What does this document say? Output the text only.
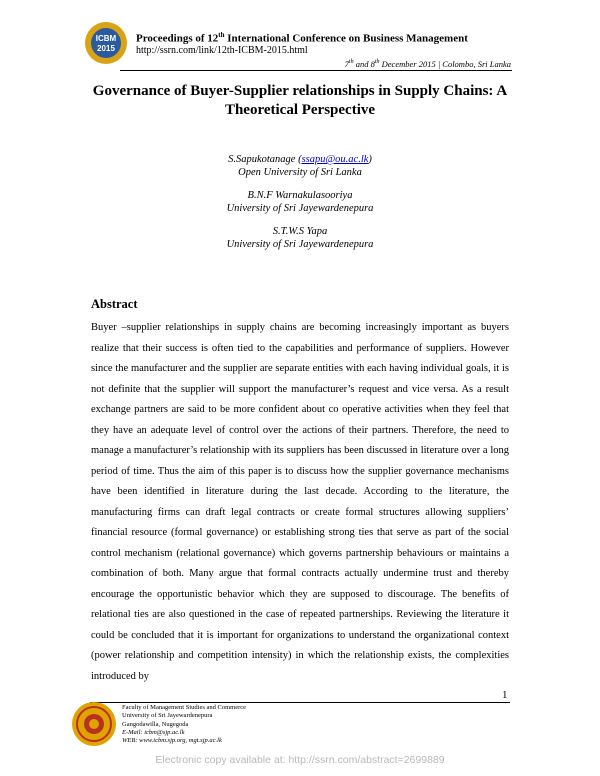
ICBM
2015
Proceedings of 12th International Conference on Business Management
http://ssrn.com/link/12th-ICBM-2015.html
7th and 8th December 2015 | Colombo, Sri Lanka
Governance of Buyer-Supplier relationships in Supply Chains: A Theoretical Perspective
S.Sapukotanage (ssapu@ou.ac.lk)
Open University of Sri Lanka
B.N.F Warnakulasooriya
University of Sri Jayewardenepura
S.T.W.S Yapa
University of Sri Jayewardenepura
Abstract

Buyer –supplier relationships in supply chains are becoming increasingly important as buyers realize that their success is often tied to the capabilities and performance of suppliers. However since the manufacturer and the supplier are separate entities with each having individual goals, it is not definite that the supplier will support the manufacturer’s request and vice versa. As a result exchange partners are said to be more confident about co operative activities when they feel that they have an adequate level of control over the actions of their partners. Therefore, the need to manage a manufacturer’s relationship with its suppliers has been discussed in literature over a long period of time. Thus the aim of this paper is to discuss how the supplier governance mechanisms have been identified in literature during the last decade. According to the literature, the manufacturing firms can draft legal contracts or create formal structures allowing suppliers’ financial resource (formal governance) or establishing strong ties that serve as part of the social control mechanism (relational governance) which governs partnership behaviours or maintains a combination of both. Many argue that formal contracts actually undermine trust and thereby encourage the opportunistic behavior which they are supposed to discourage. The benefits of relational ties are also questioned in the case of repeated partnerships. Reviewing the literature it could be concluded that it is important for organizations to understand the organizational context (power relationship and competition intensity) in which the relationship exists, the complexities introduced by

1
Faculty of Management Studies and Commerce
University of Sri Jayewardenepura
Gangodawilla, Nugegoda
E-Mail: icbm@sjp.ac.lk
WEB: www.icbm.sjp.org, mgt.sjp.ac.lk
Electronic copy available at: http://ssrn.com/abstract=2699889
